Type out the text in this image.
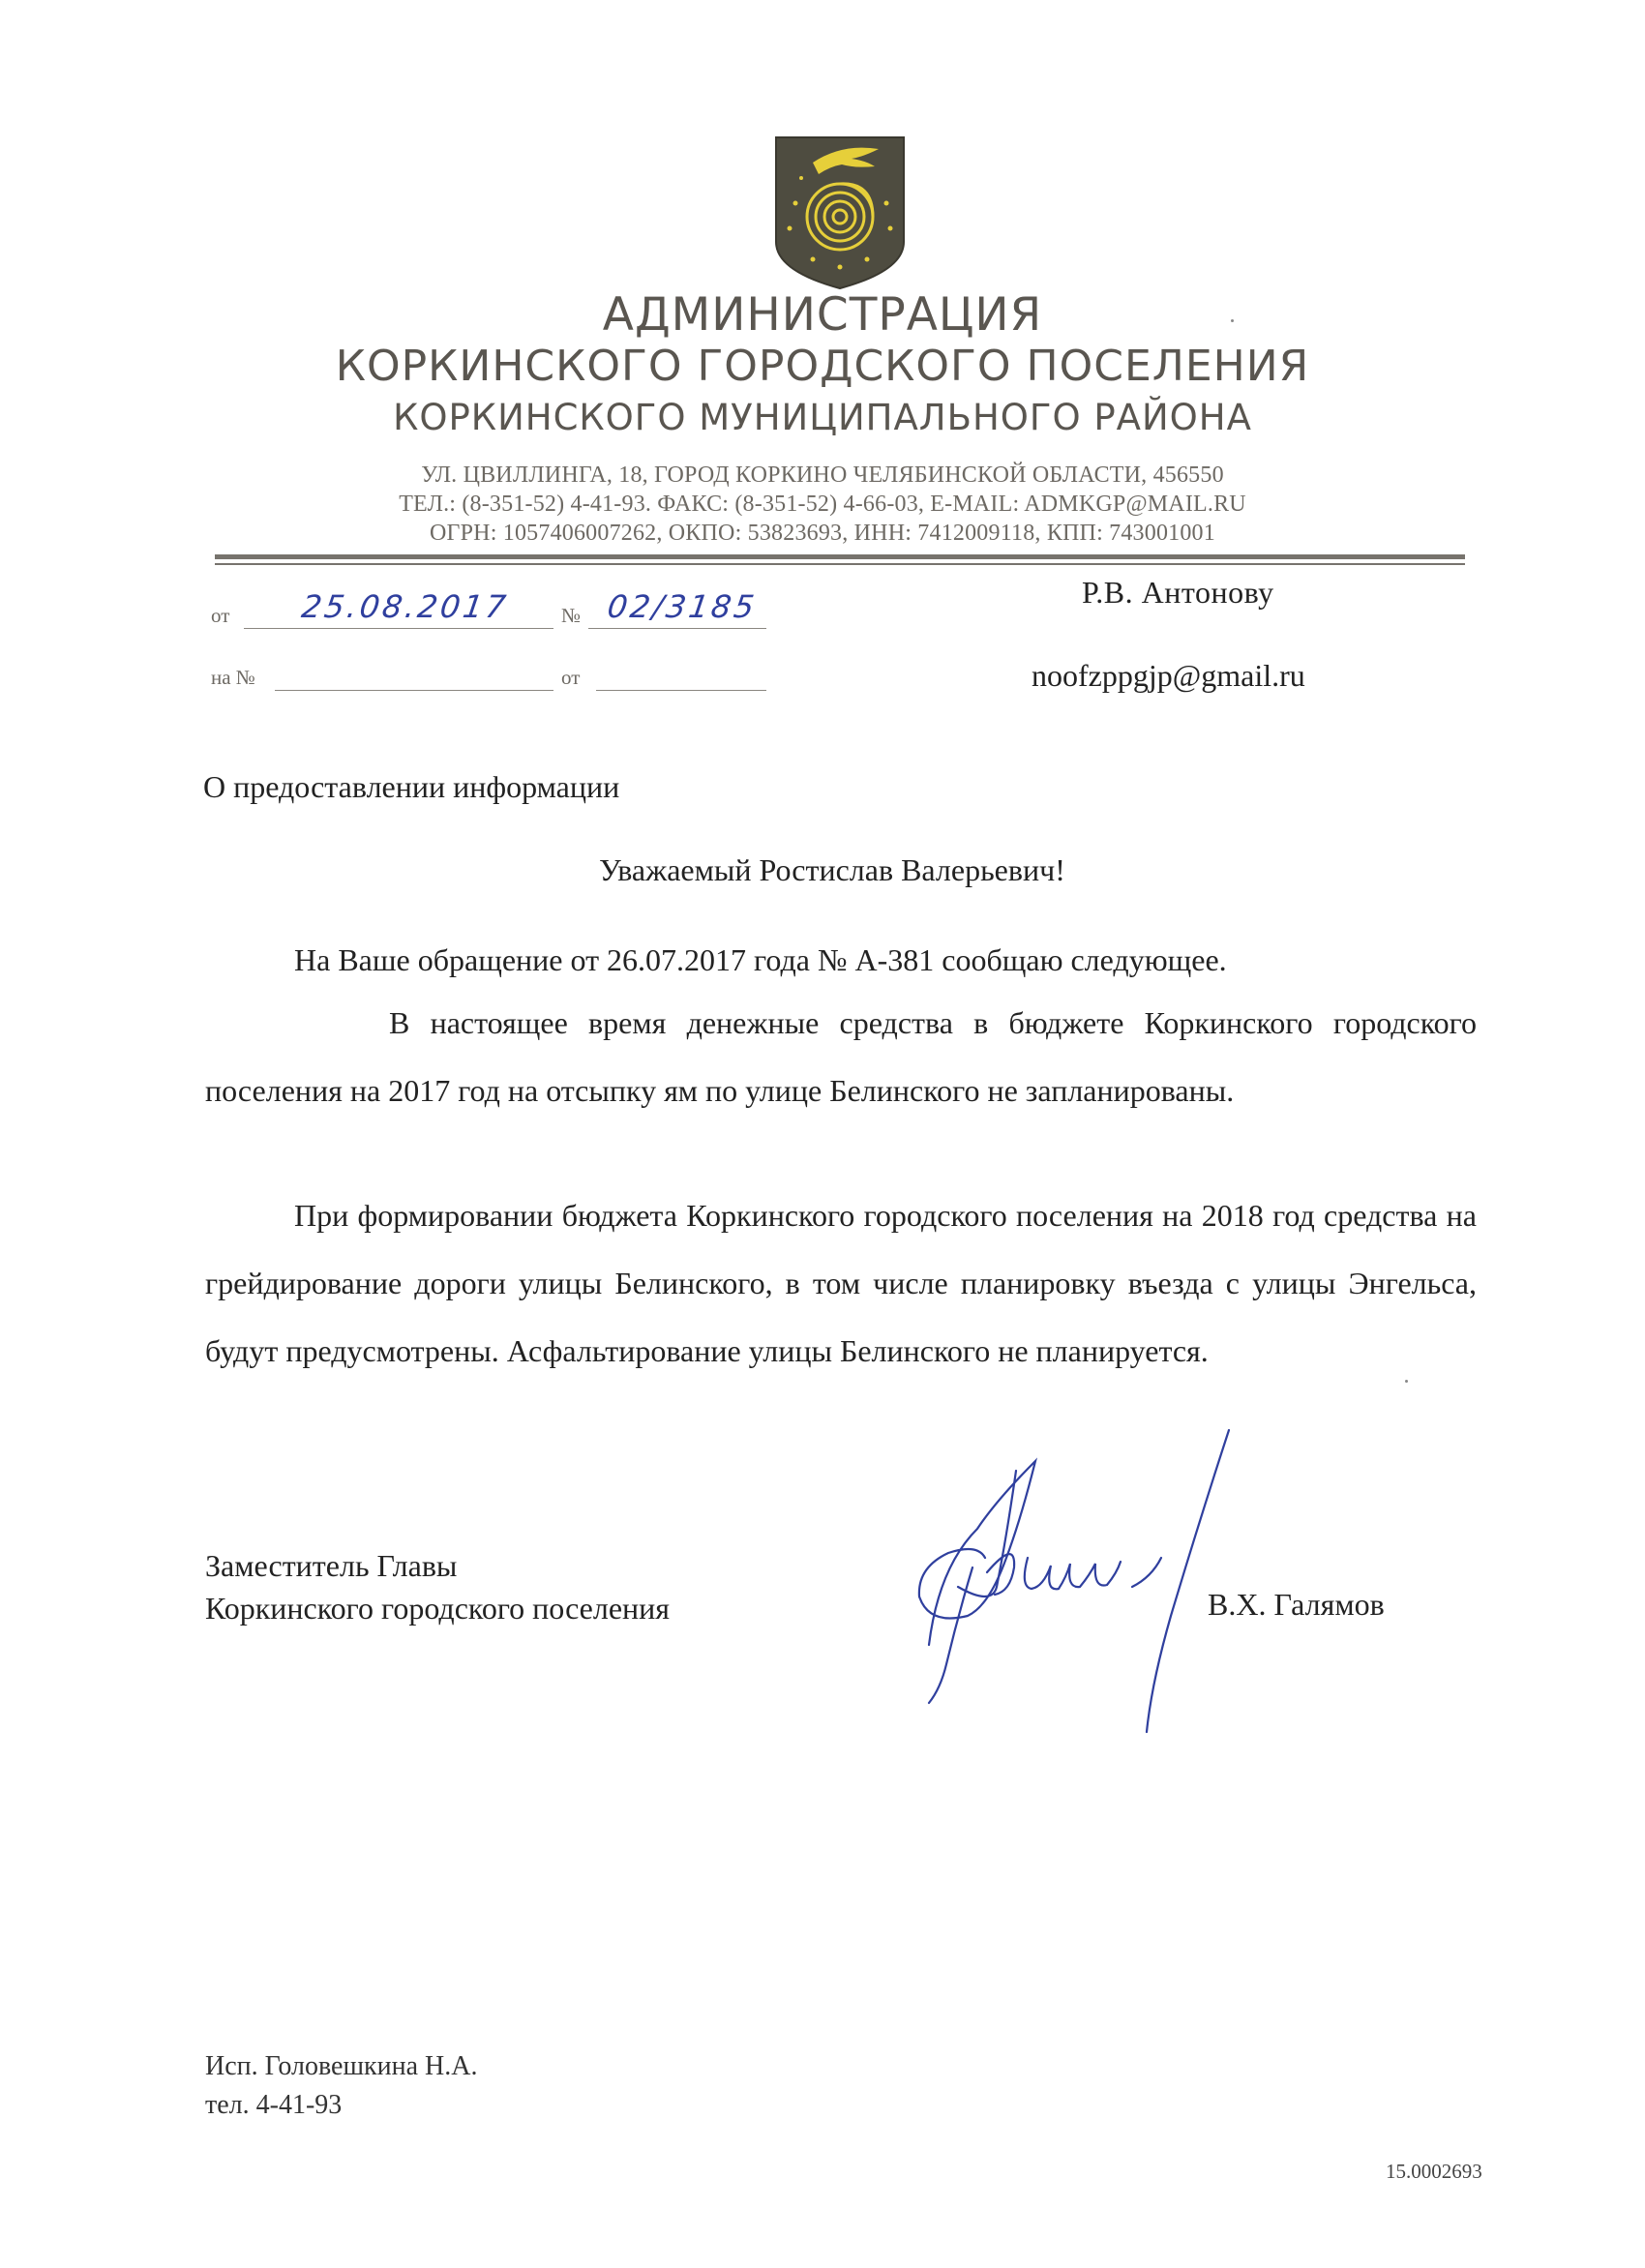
АДМИНИСТРАЦИЯ
КОРКИНСКОГО ГОРОДСКОГО ПОСЕЛЕНИЯ
КОРКИНСКОГО МУНИЦИПАЛЬНОГО РАЙОНА
УЛ. ЦВИЛЛИНГА, 18, ГОРОД КОРКИНО ЧЕЛЯБИНСКОЙ ОБЛАСТИ, 456550
ТЕЛ.: (8-351-52) 4-41-93. ФАКС: (8-351-52) 4-66-03, E-MAIL: ADMKGP@MAIL.RU
ОГРН: 1057406007262, ОКПО: 53823693, ИНН: 7412009118, КПП: 743001001
от 25.08.2017 № 02/3185
на №	от
Р.В. Антонову
noofzppgjp@gmail.ru
О предоставлении информации
Уважаемый Ростислав Валерьевич!
На Ваше обращение от 26.07.2017 года № А-381 сообщаю следующее.
В настоящее время денежные средства в бюджете Коркинского городского поселения на 2017 год на отсыпку ям по улице Белинского не запланированы.
При формировании бюджета Коркинского городского поселения на 2018 год средства на грейдирование дороги улицы Белинского, в том числе планировку въезда с улицы Энгельса, будут предусмотрены. Асфальтирование улицы Белинского не планируется.
Заместитель Главы
Коркинского городского поселения	В.Х. Галямов
Исп. Головешкина Н.А.
тел. 4-41-93
15.0002693
